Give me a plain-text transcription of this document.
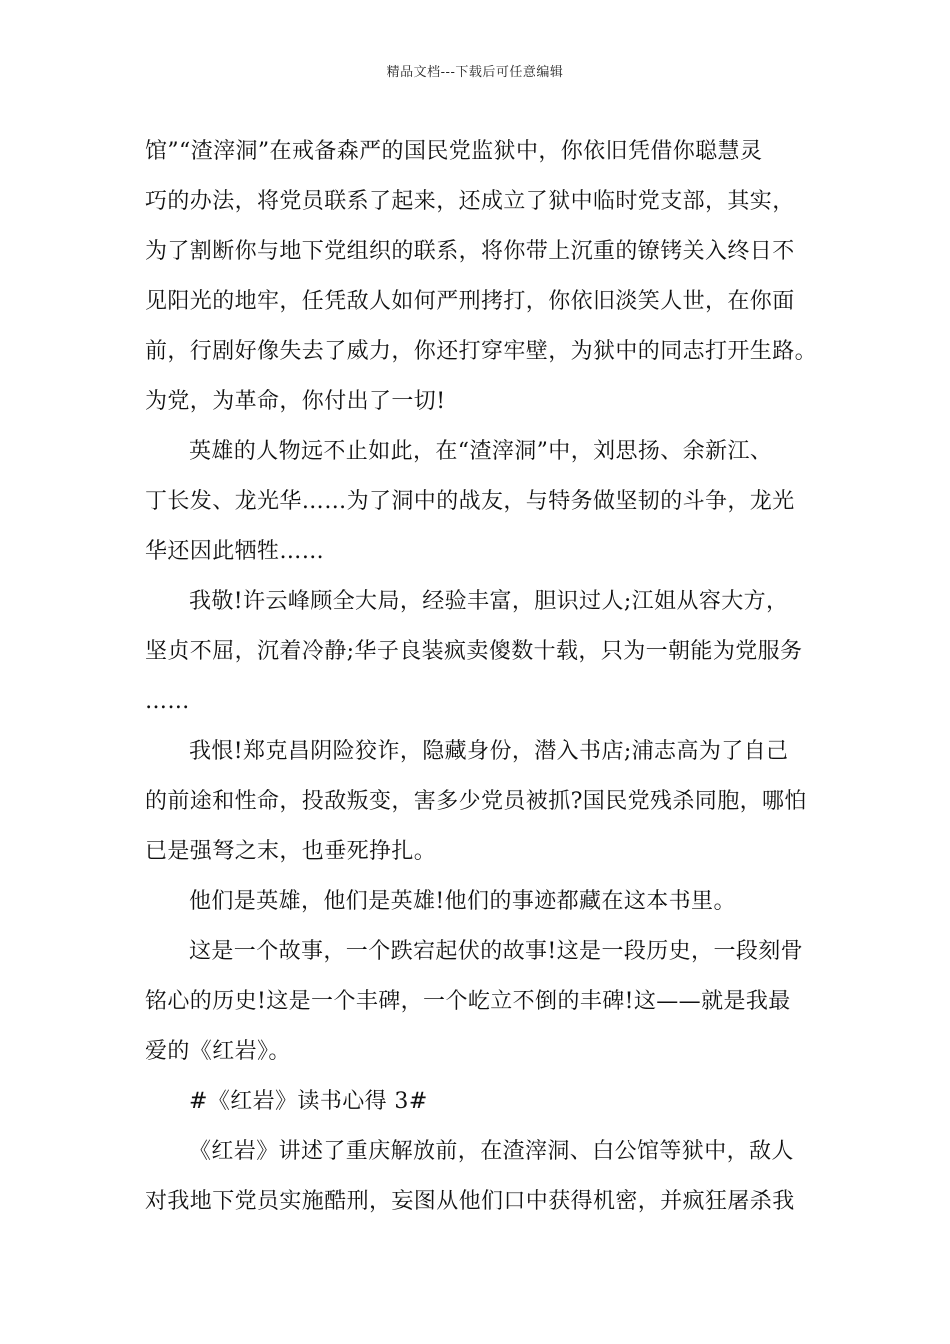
精品文档---下载后可任意编辑
馆”“渣滓洞”在戒备森严的国民党监狱中，你依旧凭借你聪慧灵
巧的办法，将党员联系了起来，还成立了狱中临时党支部，其实，
为了割断你与地下党组织的联系，将你带上沉重的镣铐关入终日不
见阳光的地牢，任凭敌人如何严刑拷打，你依旧淡笑人世，在你面
前，行剧好像失去了威力，你还打穿牢壁，为狱中的同志打开生路。
为党，为革命，你付出了一切!
英雄的人物远不止如此，在“渣滓洞”中，刘思扬、余新江、
丁长发、龙光华……为了洞中的战友，与特务做坚韧的斗争，龙光
华还因此牺牲……
我敬!许云峰顾全大局，经验丰富，胆识过人;江姐从容大方，
坚贞不屈，沉着冷静;华子良装疯卖傻数十载，只为一朝能为党服务
……
我恨!郑克昌阴险狡诈，隐藏身份，潜入书店;浦志高为了自己
的前途和性命，投敌叛变，害多少党员被抓?国民党残杀同胞，哪怕
已是强弩之末，也垂死挣扎。
他们是英雄，他们是英雄!他们的事迹都藏在这本书里。
这是一个故事，一个跌宕起伏的故事!这是一段历史，一段刻骨
铭心的历史!这是一个丰碑，一个屹立不倒的丰碑!这——就是我最
爱的《红岩》。
#《红岩》读书心得 3#
《红岩》讲述了重庆解放前，在渣滓洞、白公馆等狱中，敌人
对我地下党员实施酷刑，妄图从他们口中获得机密，并疯狂屠杀我
